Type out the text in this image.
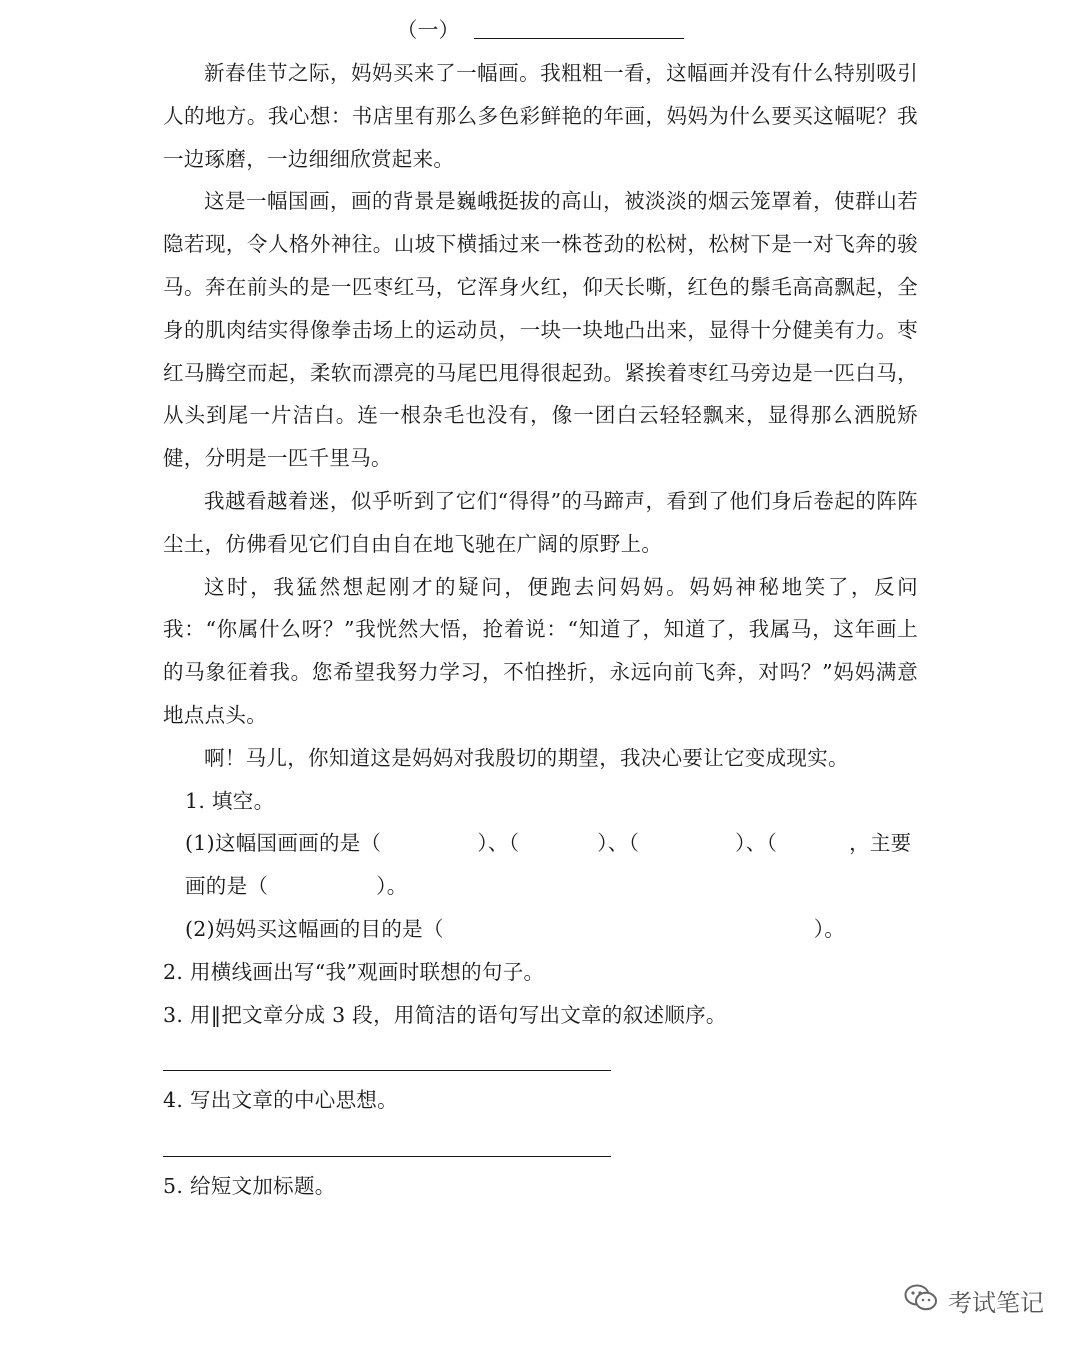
（一）

新春佳节之际，妈妈买来了一幅画。我粗粗一看，这幅画并没有什么特别吸引人的地方。我心想：书店里有那么多色彩鲜艳的年画，妈妈为什么要买这幅呢？我一边琢磨，一边细细欣赏起来。

这是一幅国画，画的背景是巍峨挺拔的高山，被淡淡的烟云笼罩着，使群山若隐若现，令人格外神往。山坡下横插过来一株苍劲的松树，松树下是一对飞奔的骏马。奔在前头的是一匹枣红马，它浑身火红，仰天长嘶，红色的鬃毛高高飘起，全身的肌肉结实得像拳击场上的运动员，一块一块地凸出来，显得十分健美有力。枣红马腾空而起，柔软而漂亮的马尾巴甩得很起劲。紧挨着枣红马旁边是一匹白马，从头到尾一片洁白。连一根杂毛也没有，像一团白云轻轻飘来，显得那么洒脱矫健，分明是一匹千里马。

我越看越着迷，似乎听到了它们“得得”的马蹄声，看到了他们身后卷起的阵阵尘土，仿佛看见它们自由自在地飞驰在广阔的原野上。

这时，我猛然想起刚才的疑问，便跑去问妈妈。妈妈神秘地笑了，反问我：“你属什么呀？”我恍然大悟，抢着说：“知道了，知道了，我属马，这年画上的马象征着我。您希望我努力学习，不怕挫折，永远向前飞奔，对吗？”妈妈满意地点点头。

啊！马儿，你知道这是妈妈对我殷切的期望，我决心要让它变成现实。

1. 填空。

(1)这幅国画画的是（	）、（	）、（	）、（	，主要画的是（	）。

(2)妈妈买这幅画的目的是（	）。

2. 用横线画出写“我”观画时联想的句子。

3. 用‖把文章分成 3 段，用简洁的语句写出文章的叙述顺序。

4. 写出文章的中心思想。

5. 给短文加标题。

考试笔记
